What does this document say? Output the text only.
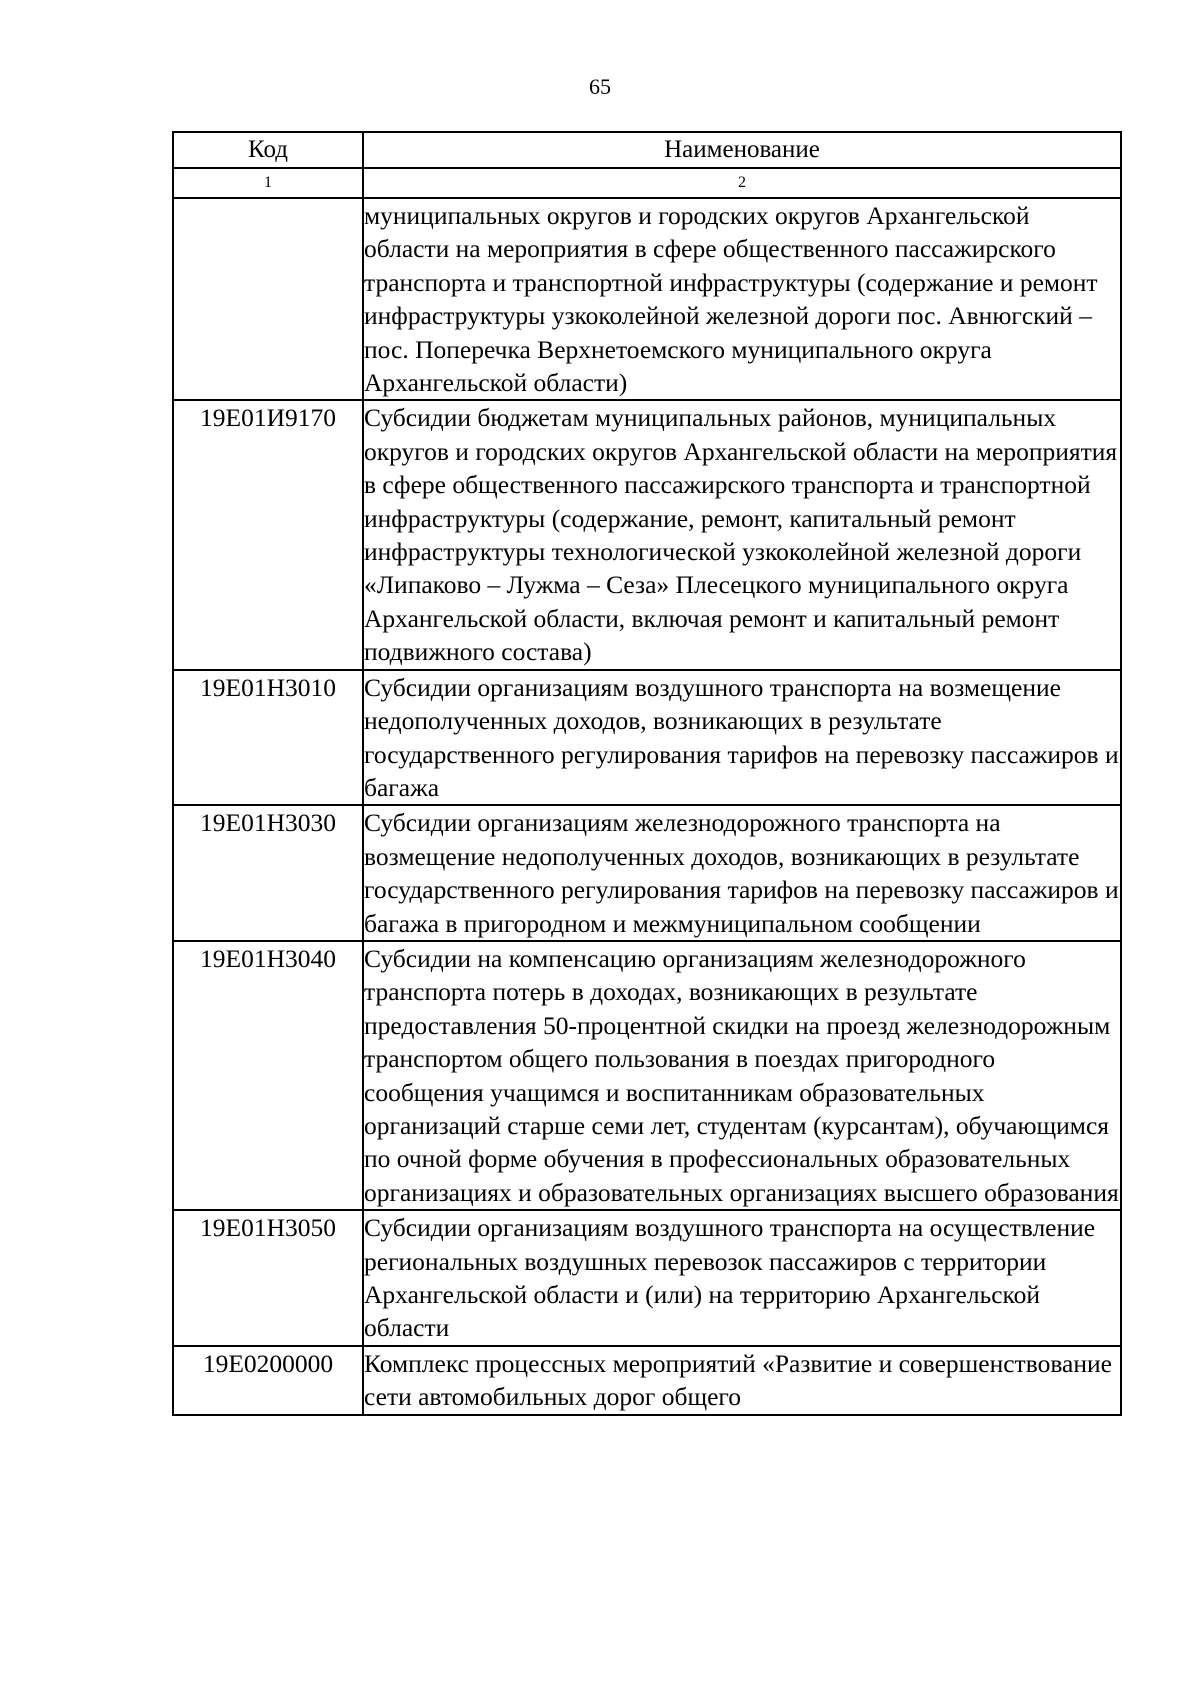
65
Код	Наименование
1	2
	муниципальных округов и городских округов Архангельской области на мероприятия в сфере общественного пассажирского транспорта и транспортной инфраструктуры (содержание и ремонт инфраструктуры узкоколейной железной дороги пос. Авнюгский – пос. Поперечка Верхнетоемского муниципального округа Архангельской области)
19Е01И9170	Субсидии бюджетам муниципальных районов, муниципальных округов и городских округов Архангельской области на мероприятия в сфере общественного пассажирского транспорта и транспортной инфраструктуры (содержание, ремонт, капитальный ремонт инфраструктуры технологической узкоколейной железной дороги «Липаково – Лужма – Сеза» Плесецкого муниципального округа Архангельской области, включая ремонт и капитальный ремонт подвижного состава)
19Е01Н3010	Субсидии организациям воздушного транспорта на возмещение недополученных доходов, возникающих в результате государственного регулирования тарифов на перевозку пассажиров и багажа
19Е01Н3030	Субсидии организациям железнодорожного транспорта на возмещение недополученных доходов, возникающих в результате государственного регулирования тарифов на перевозку пассажиров и багажа в пригородном и межмуниципальном сообщении
19Е01Н3040	Субсидии на компенсацию организациям железнодорожного транспорта потерь в доходах, возникающих в результате предоставления 50-процентной скидки на проезд железнодорожным транспортом общего пользования в поездах пригородного сообщения учащимся и воспитанникам образовательных организаций старше семи лет, студентам (курсантам), обучающимся по очной форме обучения в профессиональных образовательных организациях и образовательных организациях высшего образования
19Е01Н3050	Субсидии организациям воздушного транспорта на осуществление региональных воздушных перевозок пассажиров с территории Архангельской области и (или) на территорию Архангельской области
19Е0200000	Комплекс процессных мероприятий «Развитие и совершенствование сети автомобильных дорог общего
